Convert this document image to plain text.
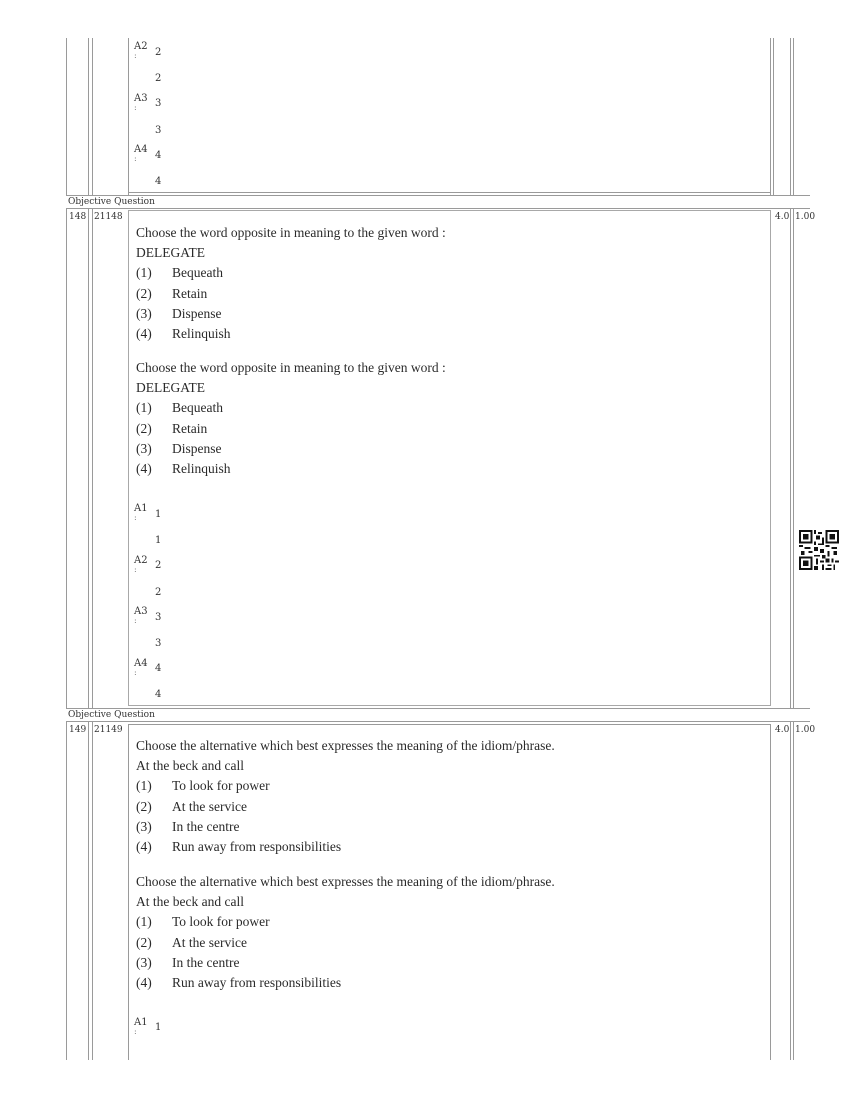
A2
:	2
2
A3
:	3
3
A4
:	4
4
Objective Question
148 21148	4.0 1.00
Choose the word opposite in meaning to the given word :
DELEGATE
(1) Bequeath
(2) Retain
(3) Dispense
(4) Relinquish
Choose the word opposite in meaning to the given word :
DELEGATE
(1) Bequeath
(2) Retain
(3) Dispense
(4) Relinquish
A1
:	1
1
A2
:	2
2
A3
:	3
3
A4
:	4
4
Objective Question
149 21149	4.0 1.00
Choose the alternative which best expresses the meaning of the idiom/phrase.
At the beck and call
(1) To look for power
(2) At the service
(3) In the centre
(4) Run away from responsibilities
Choose the alternative which best expresses the meaning of the idiom/phrase.
At the beck and call
(1) To look for power
(2) At the service
(3) In the centre
(4) Run away from responsibilities
A1
:	1
